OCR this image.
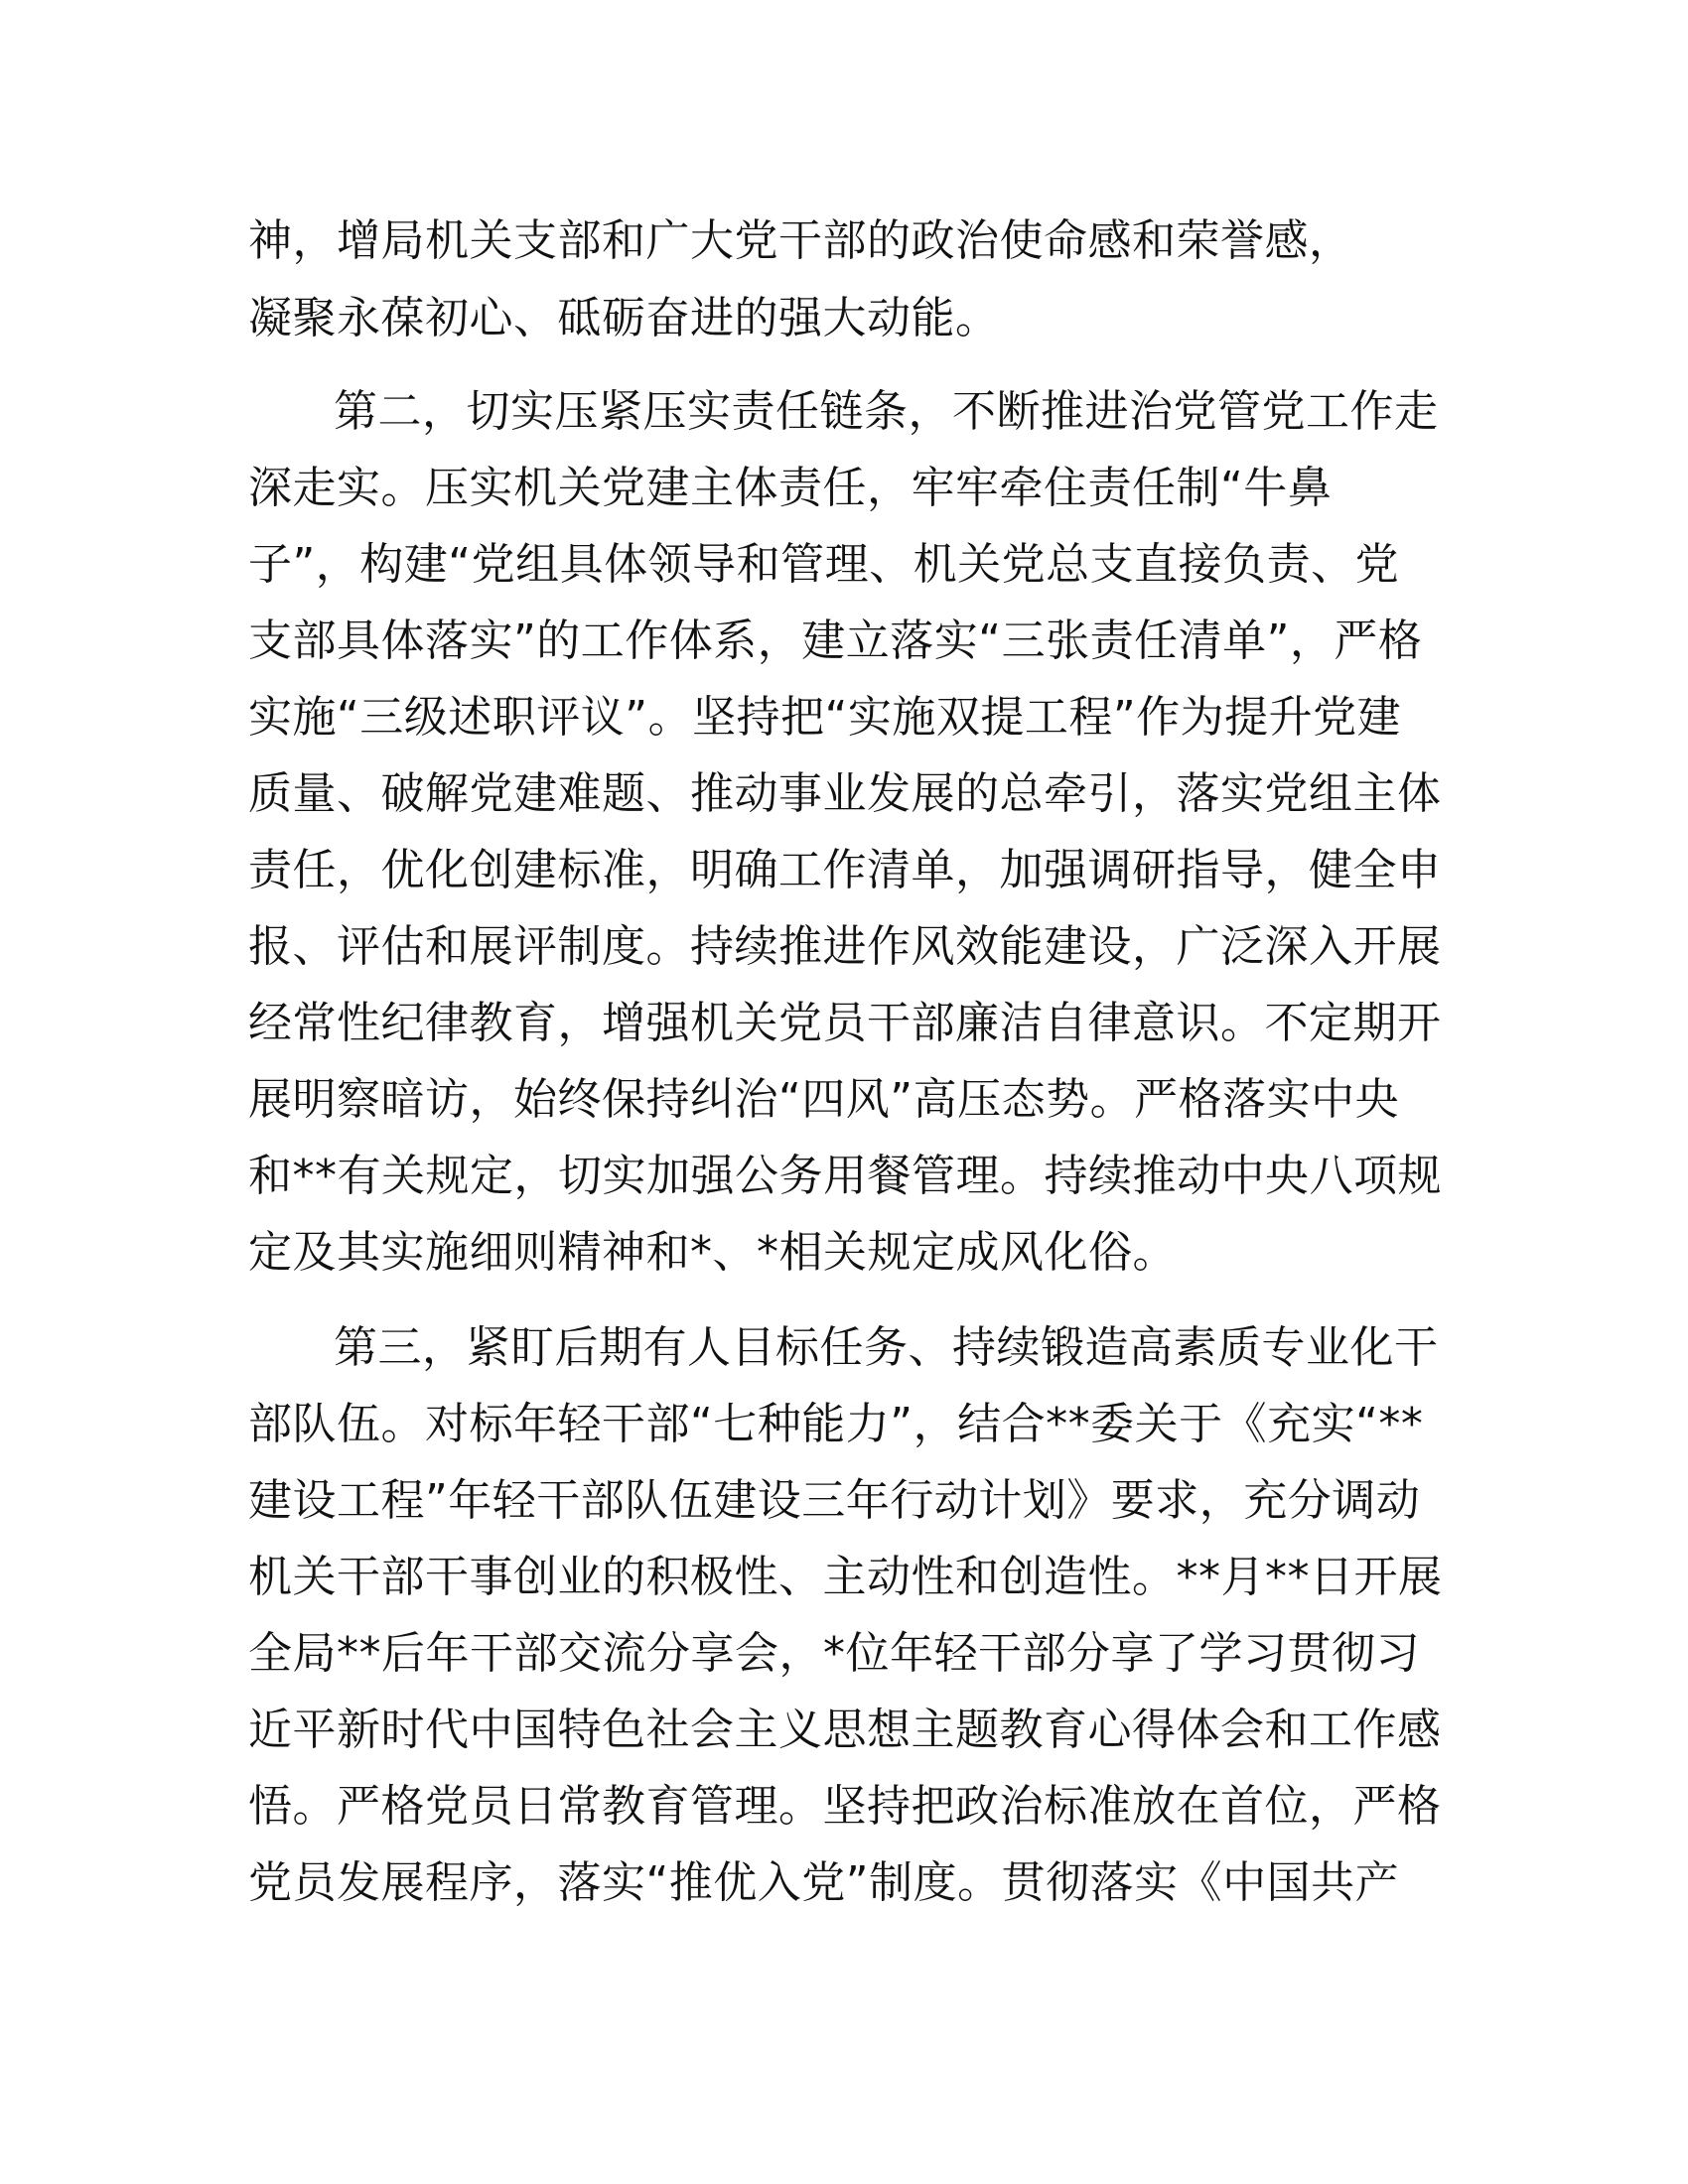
神，增局机关支部和广大党干部的政治使命感和荣誉感，
凝聚永葆初心、砥砺奋进的强大动能。
第二，切实压紧压实责任链条，不断推进治党管党工作走
深走实。压实机关党建主体责任，牢牢牵住责任制“牛鼻
子”，构建“党组具体领导和管理、机关党总支直接负责、党
支部具体落实”的工作体系，建立落实“三张责任清单”，严格
实施“三级述职评议”。坚持把“实施双提工程”作为提升党建
质量、破解党建难题、推动事业发展的总牵引，落实党组主体
责任，优化创建标准，明确工作清单，加强调研指导，健全申
报、评估和展评制度。持续推进作风效能建设，广泛深入开展
经常性纪律教育，增强机关党员干部廉洁自律意识。不定期开
展明察暗访，始终保持纠治“四风”高压态势。严格落实中央
和**有关规定，切实加强公务用餐管理。持续推动中央八项规
定及其实施细则精神和*、*相关规定成风化俗。
第三，紧盯后期有人目标任务、持续锻造高素质专业化干
部队伍。对标年轻干部“七种能力”，结合**委关于《充实“**
建设工程”年轻干部队伍建设三年行动计划》要求，充分调动
机关干部干事创业的积极性、主动性和创造性。**月**日开展
全局**后年干部交流分享会，*位年轻干部分享了学习贯彻习
近平新时代中国特色社会主义思想主题教育心得体会和工作感
悟。严格党员日常教育管理。坚持把政治标准放在首位，严格
党员发展程序，落实“推优入党”制度。贯彻落实《中国共产
